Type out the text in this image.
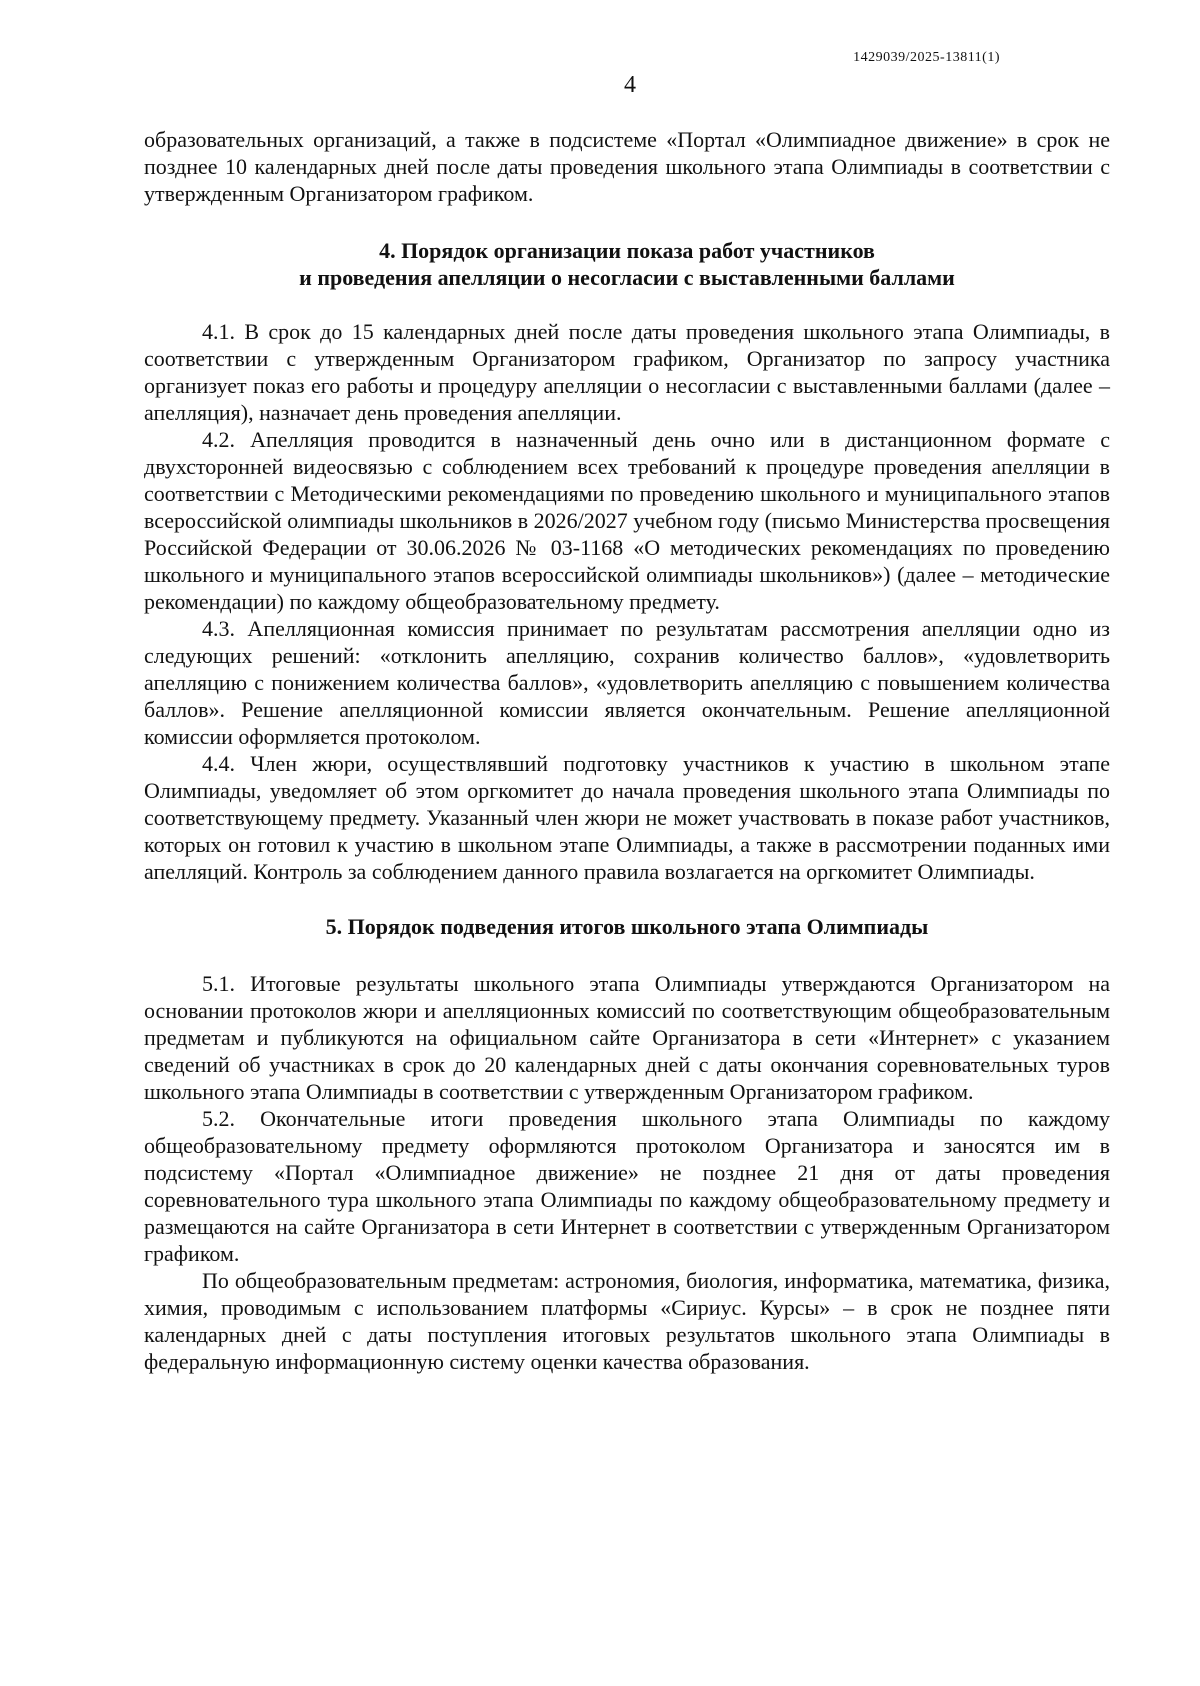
1429039/2025-13811(1)
4

образовательных организаций, а также в подсистеме «Портал «Олимпиадное движение» в срок не позднее 10 календарных дней после даты проведения школьного этапа Олимпиады в соответствии с утвержденным Организатором графиком.

4. Порядок организации показа работ участников
и проведения апелляции о несогласии с выставленными баллами

4.1. В срок до 15 календарных дней после даты проведения школьного этапа Олимпиады, в соответствии с утвержденным Организатором графиком, Организатор по запросу участника организует показ его работы и процедуру апелляции о несогласии с выставленными баллами (далее – апелляция), назначает день проведения апелляции.

4.2. Апелляция проводится в назначенный день очно или в дистанционном формате с двухсторонней видеосвязью с соблюдением всех требований к процедуре проведения апелляции в соответствии с Методическими рекомендациями по проведению школьного и муниципального этапов всероссийской олимпиады школьников в 2026/2027 учебном году (письмо Министерства просвещения Российской Федерации от 30.06.2026 № 03-1168 «О методических рекомендациях по проведению школьного и муниципального этапов всероссийской олимпиады школьников») (далее – методические рекомендации) по каждому общеобразовательному предмету.

4.3. Апелляционная комиссия принимает по результатам рассмотрения апелляции одно из следующих решений: «отклонить апелляцию, сохранив количество баллов», «удовлетворить апелляцию с понижением количества баллов», «удовлетворить апелляцию с повышением количества баллов». Решение апелляционной комиссии является окончательным. Решение апелляционной комиссии оформляется протоколом.

4.4. Член жюри, осуществлявший подготовку участников к участию в школьном этапе Олимпиады, уведомляет об этом оргкомитет до начала проведения школьного этапа Олимпиады по соответствующему предмету. Указанный член жюри не может участвовать в показе работ участников, которых он готовил к участию в школьном этапе Олимпиады, а также в рассмотрении поданных ими апелляций. Контроль за соблюдением данного правила возлагается на оргкомитет Олимпиады.

5. Порядок подведения итогов школьного этапа Олимпиады

5.1. Итоговые результаты школьного этапа Олимпиады утверждаются Организатором на основании протоколов жюри и апелляционных комиссий по соответствующим общеобразовательным предметам и публикуются на официальном сайте Организатора в сети «Интернет» с указанием сведений об участниках в срок до 20 календарных дней с даты окончания соревновательных туров школьного этапа Олимпиады в соответствии с утвержденным Организатором графиком.

5.2. Окончательные итоги проведения школьного этапа Олимпиады по каждому общеобразовательному предмету оформляются протоколом Организатора и заносятся им в подсистему «Портал «Олимпиадное движение» не позднее 21 дня от даты проведения соревновательного тура школьного этапа Олимпиады по каждому общеобразовательному предмету и размещаются на сайте Организатора в сети Интернет в соответствии с утвержденным Организатором графиком.

По общеобразовательным предметам: астрономия, биология, информатика, математика, физика, химия, проводимым с использованием платформы «Сириус. Курсы» – в срок не позднее пяти календарных дней с даты поступления итоговых результатов школьного этапа Олимпиады в федеральную информационную систему оценки качества образования.
